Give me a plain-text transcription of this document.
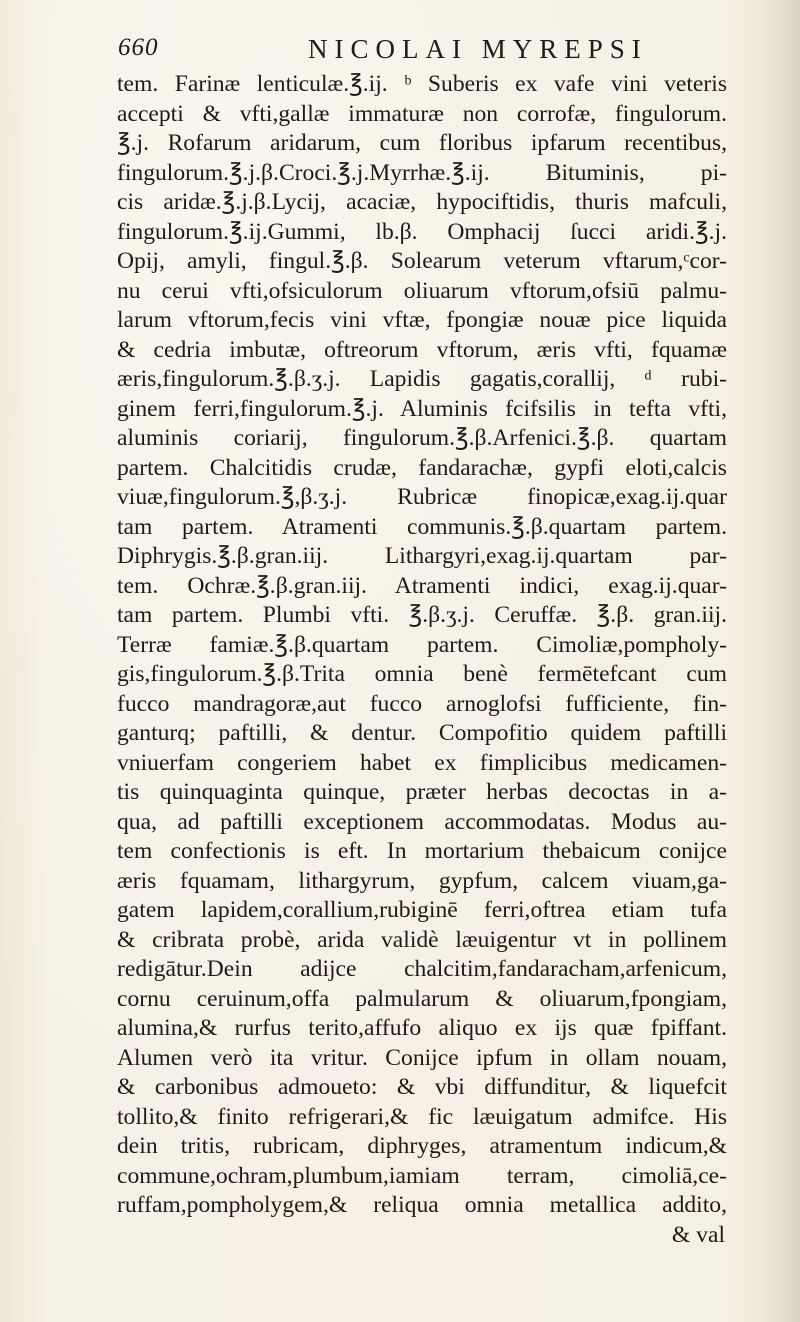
660	NICOLAI MYREPSI
tem. Farinæ lenticulæ.℥.ij. ᵇ Suberis ex vafe vini veteris
accepti & vfti,gallæ immaturæ non corrofæ, fingulorum.
℥.j. Rofarum aridarum, cum floribus ipfarum recentibus,
fingulorum.℥.j.β.Croci.℥.j.Myrrhæ.℥.ij. Bituminis, pi-
cis aridæ.℥.j.β.Lycij, acaciæ, hypociftidis, thuris mafculi,
fingulorum.℥.ij.Gummi, lb.β. Omphacij ſucci aridi.℥.j.
Opij, amyli, fingul.℥.β. Solearum veterum vftarum,ᶜcor-
nu cerui vfti,ofsiculorum oliuarum vftorum,ofsiū palmu-
larum vftorum,fecis vini vftæ, fpongiæ nouæ pice liquida
& cedria imbutæ, oftreorum vftorum, æris vfti, fquamæ
æris,fingulorum.℥.β.ʒ.j. Lapidis gagatis,corallij, ᵈ rubi-
ginem ferri,fingulorum.℥.j. Aluminis fcifsilis in tefta vfti,
aluminis coriarij, fingulorum.℥.β.Arfenici.℥.β. quartam
partem. Chalcitidis crudæ, fandarachæ, gypfi eloti,calcis
viuæ,fingulorum.℥,β.ʒ.j. Rubricæ finopicæ,exag.ij.quar
tam partem. Atramenti communis.℥.β.quartam partem.
Diphrygis.℥.β.gran.iij. Lithargyri,exag.ij.quartam par-
tem. Ochræ.℥.β.gran.iij. Atramenti indici, exag.ij.quar-
tam partem. Plumbi vfti. ℥.β.ʒ.j. Ceruffæ. ℥.β. gran.iij.
Terræ famiæ.℥.β.quartam partem. Cimoliæ,pompholy-
gis,fingulorum.℥.β.Trita omnia benè fermētefcant cum
fucco mandragoræ,aut fucco arnoglofsi fufficiente, fin-
ganturq; paftilli, & dentur. Compofitio quidem paftilli
vniuerfam congeriem habet ex fimplicibus medicamen-
tis quinquaginta quinque, præter herbas decoctas in a-
qua, ad paftilli exceptionem accommodatas. Modus au-
tem confectionis is eft. In mortarium thebaicum conijce
æris fquamam, lithargyrum, gypfum, calcem viuam,ga-
gatem lapidem,corallium,rubiginē ferri,oftrea etiam tufa
& cribrata probè, arida validè læuigentur vt in pollinem
redigātur.Dein adijce chalcitim,fandaracham,arfenicum,
cornu ceruinum,offa palmularum & oliuarum,fpongiam,
alumina,& rurfus terito,affufo aliquo ex ijs quæ fpiffant.
Alumen verò ita vritur. Conijce ipfum in ollam nouam,
& carbonibus admoueto: & vbi diffunditur, & liquefcit
tollito,& finito refrigerari,& fic læuigatum admifce. His
dein tritis, rubricam, diphryges, atramentum indicum,&
commune,ochram,plumbum,iamiam terram, cimoliā,ce-
ruffam,pompholygem,& reliqua omnia metallica addito,
& val
